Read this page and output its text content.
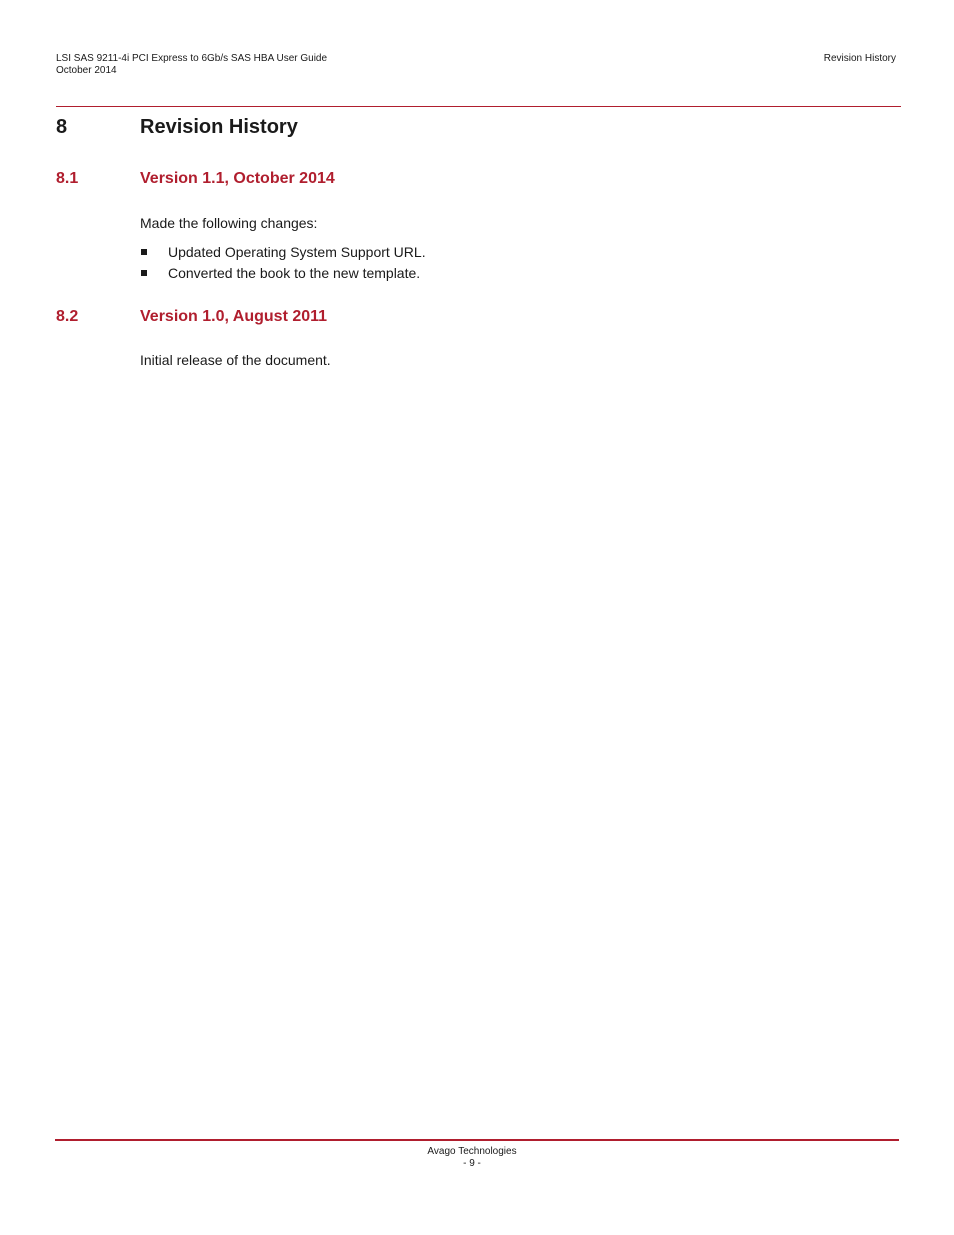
LSI SAS 9211-4i PCI Express to 6Gb/s SAS HBA User Guide
October 2014
Revision History
8	Revision History
8.1	Version 1.1, October 2014
Made the following changes:
Updated Operating System Support URL.
Converted the book to the new template.
8.2	Version 1.0, August 2011
Initial release of the document.
Avago Technologies
- 9 -
